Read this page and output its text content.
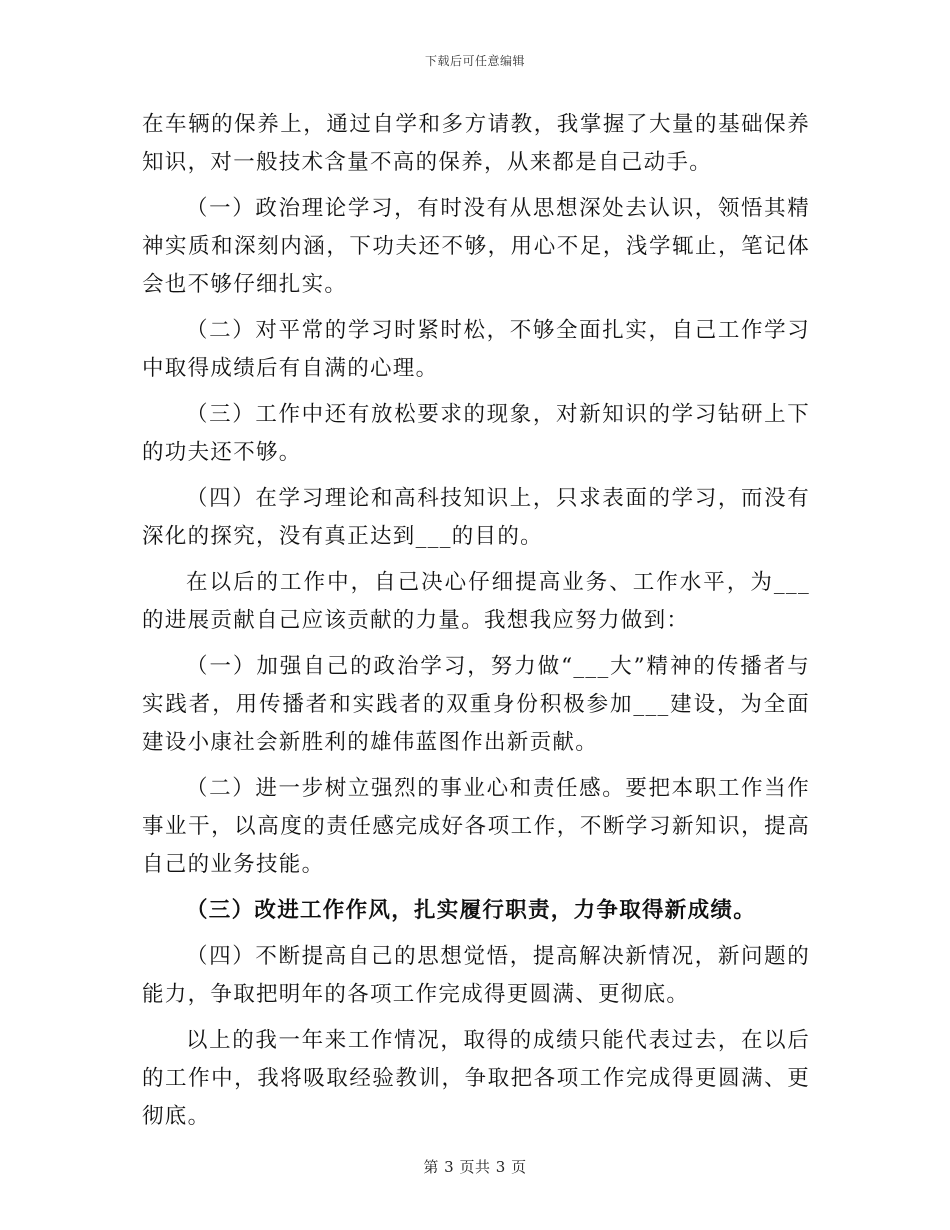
下载后可任意编辑

在车辆的保养上，通过自学和多方请教，我掌握了大量的基础保养知识，对一般技术含量不高的保养，从来都是自己动手。

（一）政治理论学习，有时没有从思想深处去认识，领悟其精神实质和深刻内涵，下功夫还不够，用心不足，浅学辄止，笔记体会也不够仔细扎实。

（二）对平常的学习时紧时松，不够全面扎实，自己工作学习中取得成绩后有自满的心理。

（三）工作中还有放松要求的现象，对新知识的学习钻研上下的功夫还不够。

（四）在学习理论和高科技知识上，只求表面的学习，而没有深化的探究，没有真正达到___的目的。

在以后的工作中，自己决心仔细提高业务、工作水平，为___的进展贡献自己应该贡献的力量。我想我应努力做到：

（一）加强自己的政治学习，努力做“___大”精神的传播者与实践者，用传播者和实践者的双重身份积极参加___建设，为全面建设小康社会新胜利的雄伟蓝图作出新贡献。

（二）进一步树立强烈的事业心和责任感。要把本职工作当作事业干，以高度的责任感完成好各项工作，不断学习新知识，提高自己的业务技能。

（三）改进工作作风，扎实履行职责，力争取得新成绩。

（四）不断提高自己的思想觉悟，提高解决新情况，新问题的能力，争取把明年的各项工作完成得更圆满、更彻底。

以上的我一年来工作情况，取得的成绩只能代表过去，在以后的工作中，我将吸取经验教训，争取把各项工作完成得更圆满、更彻底。

第 3 页共 3 页
